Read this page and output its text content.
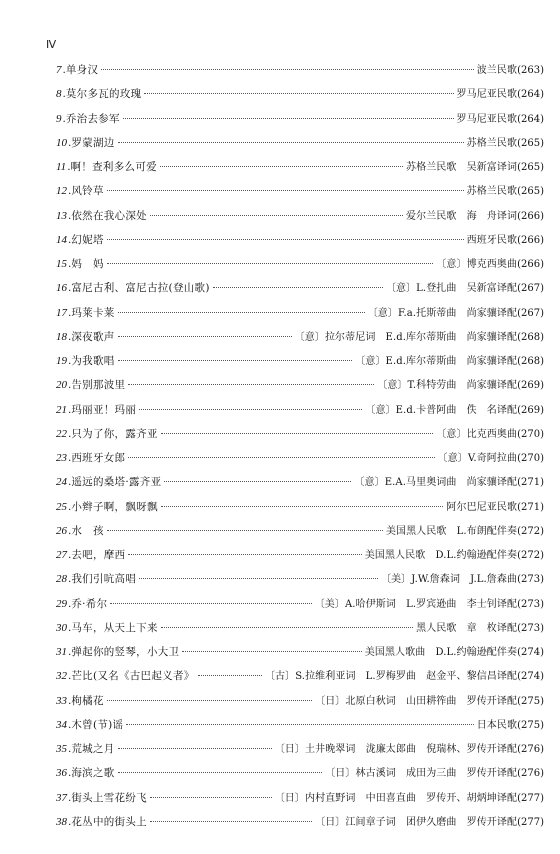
Ⅳ
7 . 单身汉	波兰民歌 (263)
8 . 莫尔多瓦的玫瑰	罗马尼亚民歌 (264)
9 . 乔治去参军	罗马尼亚民歌 (264)
10 . 罗蒙湖边	苏格兰民歌 (265)
11 . 啊！查利多么可爱	苏格兰民歌　吴新富译词 (265)
12 . 风铃草	苏格兰民歌 (265)
13 . 依然在我心深处	爱尔兰民歌　海　舟译词 (266)
14 . 幻妮塔	西班牙民歌 (266)
15 . 妈　妈	〔意〕博克西奥曲 (266)
16 . 富尼古利、富尼古拉(登山歌)	〔意〕L.登扎曲　吴新富译配 (267)
17 . 玛莱卡莱	〔意〕F.a.托斯蒂曲　尚家骧译配 (267)
18 . 深夜歌声	〔意〕拉尔蒂尼词　E.d.库尔蒂斯曲　尚家骧译配 (268)
19 . 为我歌唱	〔意〕E.d.库尔蒂斯曲　尚家骧译配 (268)
20 . 告别那波里	〔意〕T.科特劳曲　尚家骧译配 (269)
21 . 玛丽亚！玛丽	〔意〕E.d.卡普阿曲　佚　名译配 (269)
22 . 只为了你，露齐亚	〔意〕比克西奥曲 (270)
23 . 西班牙女郎	〔意〕V.奇阿拉曲 (270)
24 . 遥远的桑塔·露齐亚	〔意〕E.A.马里奥词曲　尚家骧译配 (271)
25 . 小辫子啊，飘呀飘	阿尔巴尼亚民歌 (271)
26 . 水　孩	美国黑人民歌　L.布朗配伴奏 (272)
27 . 去吧，摩西	美国黑人民歌　D.L.约翰逊配伴奏 (272)
28 . 我们引吭高唱	〔美〕J.W.詹森词　J.L.詹森曲 (273)
29 . 乔·希尔	〔美〕A.哈伊斯词　L.罗宾逊曲　李士钊译配 (273)
30 . 马车，从天上下来	黑人民歌　章　枚译配 (273)
31 . 弹起你的竖琴，小大卫	美国黑人歌曲　D.L.约翰逊配伴奏 (274)
32 . 芒比(又名《古巴起义者》	〔古〕S.拉维利亚词　L.罗梅罗曲　赵金平、黎信昌译配 (274)
33 . 枸橘花	〔日〕北原白秋词　山田耕筰曲　罗传开译配 (275)
34 . 木曾(节)谣	日本民歌 (275)
35 . 荒城之月	〔日〕土井晚翠词　泷廉太郎曲　倪瑞林、罗传开译配 (276)
36 . 海滨之歌	〔日〕林古溪词　成田为三曲　罗传开译配 (276)
37 . 街头上雪花纷飞	〔日〕内村直野词　中田喜直曲　罗传开、胡炳坤译配 (277)
38 . 花丛中的街头上	〔日〕江间章子词　团伊久磨曲　罗传开译配 (277)
